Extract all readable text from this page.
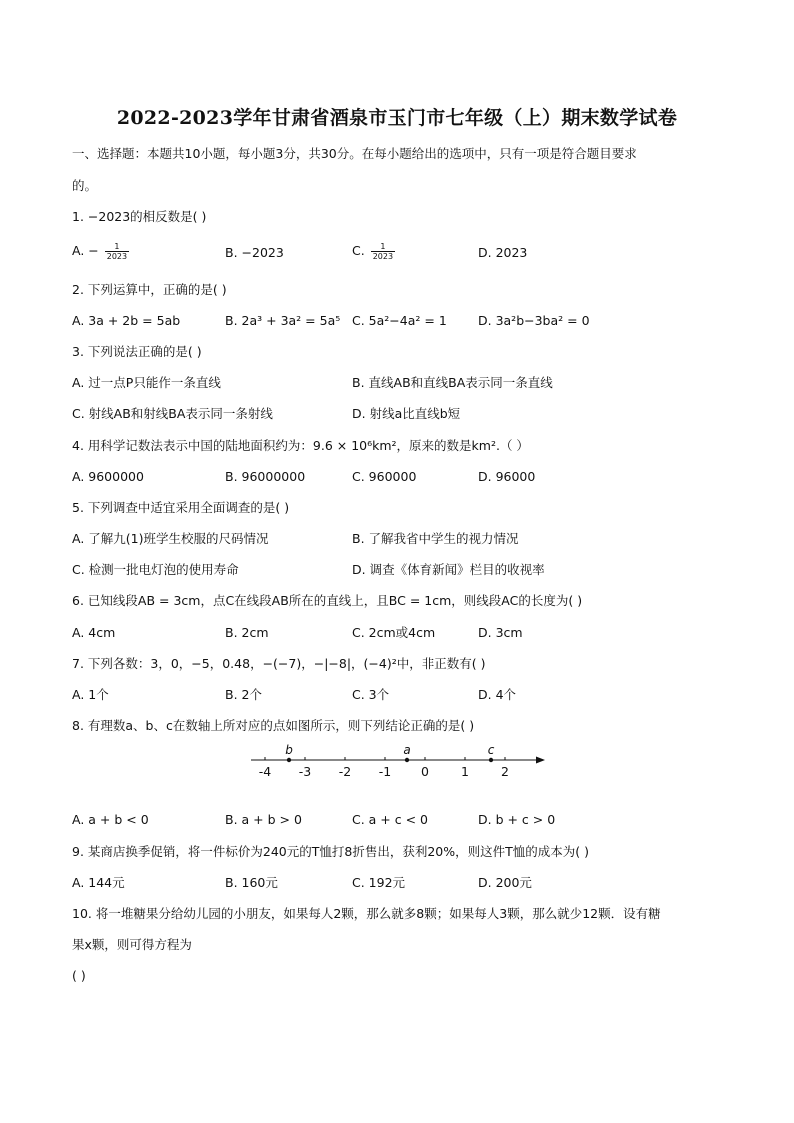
2022-2023学年甘肃省酒泉市玉门市七年级（上）期末数学试卷
一、选择题：本题共10小题，每小题3分，共30分。在每小题给出的选项中，只有一项是符合题目要求
的。
1. −2023的相反数是( )
A. − $\frac{1}{2023}$	B. −2023	C. $\frac{1}{2023}$	D. 2023
2. 下列运算中，正确的是( )
A. 3a + 2b = 5ab	B. 2a³ + 3a² = 5a⁵ C. 5a²−4a² = 1 D. 3a²b−3ba² = 0
3. 下列说法正确的是( )
A. 过一点P只能作一条直线	B. 直线AB和直线BA表示同一条直线
C. 射线AB和射线BA表示同一条射线	D. 射线a比直线b短
4. 用科学记数法表示中国的陆地面积约为：9.6 × 10⁶km²，原来的数是km².（ ）
A. 9600000	B. 96000000	C. 960000	D. 96000
5. 下列调查中适宜采用全面调查的是( )
A. 了解九(1)班学生校服的尺码情况	B. 了解我省中学生的视力情况
C. 检测一批电灯泡的使用寿命	D. 调查《体育新闻》栏目的收视率
6. 已知线段AB = 3cm，点C在线段AB所在的直线上，且BC = 1cm，则线段AC的长度为( )
A. 4cm	B. 2cm	C. 2cm或4cm	D. 3cm
7. 下列各数：3，0，−5，0.48，−(−7)，−|−8|，(−4)²中，非正数有( )
A. 1个	B. 2个	C. 3个	D. 4个
8. 有理数a、b、c在数轴上所对应的点如图所示，则下列结论正确的是( )
-4 -3 -2 -1 0	1	2
b	a	c
A. a + b < 0	B. a + b > 0	C. a + c < 0	D. b + c > 0
9. 某商店换季促销，将一件标价为240元的T恤打8折售出，获利20%，则这件T恤的成本为( )
A. 144元	B. 160元	C. 192元	D. 200元
10. 将一堆糖果分给幼儿园的小朋友，如果每人2颗，那么就多8颗；如果每人3颗，那么就少12颗．设有糖
果x颗，则可得方程为
( )
